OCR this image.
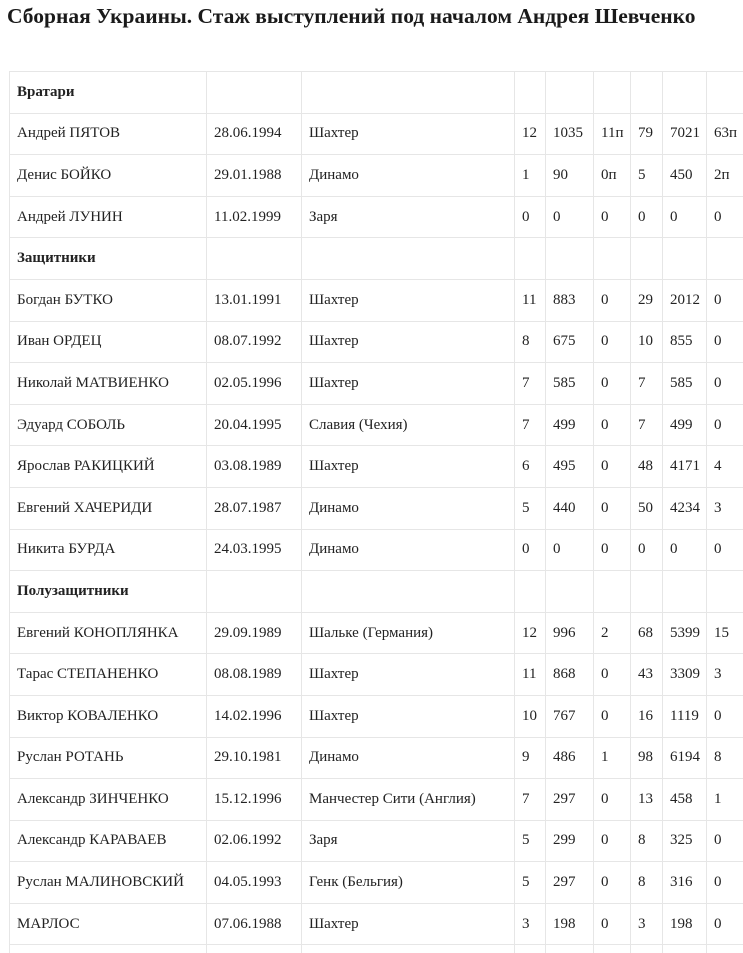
Сборная Украины. Стаж выступлений под началом Андрея Шевченко
Вратари								
Андрей ПЯТОВ	28.06.1994	Шахтер	12	1035	11п	79	7021	63п
Денис БОЙКО	29.01.1988	Динамо	1	90	0п	5	450	2п
Андрей ЛУНИН	11.02.1999	Заря	0	0	0	0	0	0
Защитники								
Богдан БУТКО	13.01.1991	Шахтер	11	883	0	29	2012	0
Иван ОРДЕЦ	08.07.1992	Шахтер	8	675	0	10	855	0
Николай МАТВИЕНКО	02.05.1996	Шахтер	7	585	0	7	585	0
Эдуард СОБОЛЬ	20.04.1995	Славия (Чехия)	7	499	0	7	499	0
Ярослав РАКИЦКИЙ	03.08.1989	Шахтер	6	495	0	48	4171	4
Евгений ХАЧЕРИДИ	28.07.1987	Динамо	5	440	0	50	4234	3
Никита БУРДА	24.03.1995	Динамо	0	0	0	0	0	0
Полузащитники								
Евгений КОНОПЛЯНКА	29.09.1989	Шальке (Германия)	12	996	2	68	5399	15
Тарас СТЕПАНЕНКО	08.08.1989	Шахтер	11	868	0	43	3309	3
Виктор КОВАЛЕНКО	14.02.1996	Шахтер	10	767	0	16	1119	0
Руслан РОТАНЬ	29.10.1981	Динамо	9	486	1	98	6194	8
Александр ЗИНЧЕНКО	15.12.1996	Манчестер Сити (Англия)	7	297	0	13	458	1
Александр КАРАВАЕВ	02.06.1992	Заря	5	299	0	8	325	0
Руслан МАЛИНОВСКИЙ	04.05.1993	Генк (Бельгия)	5	297	0	8	316	0
МАРЛОС	07.06.1988	Шахтер	3	198	0	3	198	0
